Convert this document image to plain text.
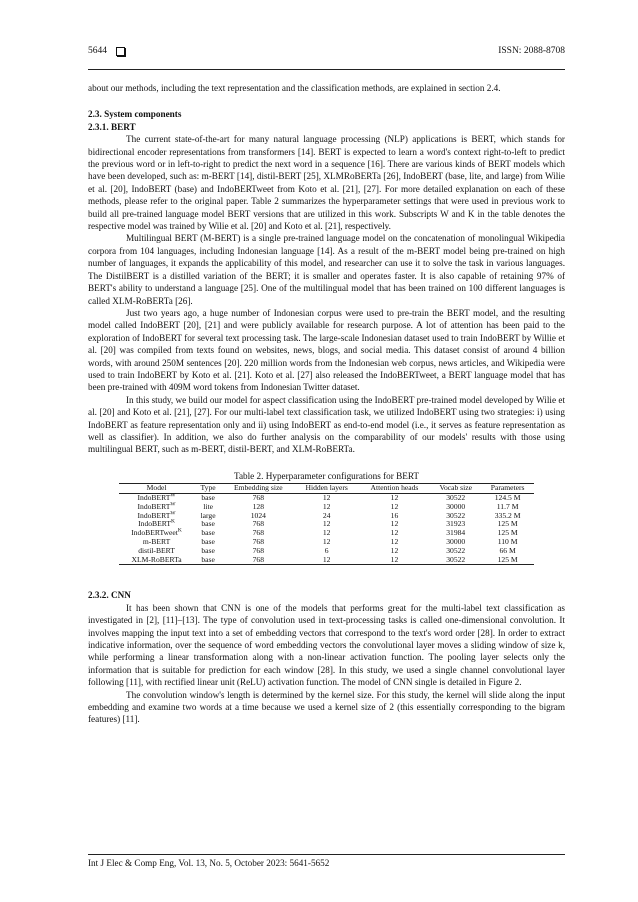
5644	ISSN: 2088-8708

about our methods, including the text representation and the classification methods, are explained in section 2.4.

2.3. System components

2.3.1. BERT

The current state-of-the-art for many natural language processing (NLP) applications is BERT, which stands for bidirectional encoder representations from transformers [14]. BERT is expected to learn a word's context right-to-left to predict the previous word or in left-to-right to predict the next word in a sequence [16]. There are various kinds of BERT models which have been developed, such as: m-BERT [14], distil-BERT [25], XLMRoBERTa [26], IndoBERT (base, lite, and large) from Wilie et al. [20], IndoBERT (base) and IndoBERTweet from Koto et al. [21], [27]. For more detailed explanation on each of these methods, please refer to the original paper. Table 2 summarizes the hyperparameter settings that were used in previous work to build all pre-trained language model BERT versions that are utilized in this work. Subscripts W and K in the table denotes the respective model was trained by Wilie et al. [20] and Koto et al. [21], respectively.

Multilingual BERT (M-BERT) is a single pre-trained language model on the concatenation of monolingual Wikipedia corpora from 104 languages, including Indonesian language [14]. As a result of the m-BERT model being pre-trained on high number of languages, it expands the applicability of this model, and researcher can use it to solve the task in various languages. The DistilBERT is a distilled variation of the BERT; it is smaller and operates faster. It is also capable of retaining 97% of BERT's ability to understand a language [25]. One of the multilingual model that has been trained on 100 different languages is called XLM-RoBERTa [26].

Just two years ago, a huge number of Indonesian corpus were used to pre-train the BERT model, and the resulting model called IndoBERT [20], [21] and were publicly available for research purpose. A lot of attention has been paid to the exploration of IndoBERT for several text processing task. The large-scale Indonesian dataset used to train IndoBERT by Willie et al. [20] was compiled from texts found on websites, news, blogs, and social media. This dataset consist of around 4 billion words, with around 250M sentences [20]. 220 million words from the Indonesian web corpus, news articles, and Wikipedia were used to train IndoBERT by Koto et al. [21]. Koto et al. [27] also released the IndoBERTweet, a BERT language model that has been pre-trained with 409M word tokens from Indonesian Twitter dataset.

In this study, we build our model for aspect classification using the IndoBERT pre-trained model developed by Wilie et al. [20] and Koto et al. [21], [27]. For our multi-label text classification task, we utilized IndoBERT using two strategies: i) using IndoBERT as feature representation only and ii) using IndoBERT as end-to-end model (i.e., it serves as feature representation as well as classifier). In addition, we also do further analysis on the comparability of our models' results with those using multilingual BERT, such as m-BERT, distil-BERT, and XLM-RoBERTa.

Table 2. Hyperparameter configurations for BERT
Model	Type	Embedding size	Hidden layers	Attention heads	Vocab size	Parameters
IndoBERT$^W$	base	768	12	12	30522	124.5 M
IndoBERT$^W$	lite	128	12	12	30000	11.7 M
IndoBERT$^W$	large	1024	24	16	30522	335.2 M
IndoBERT$^K$	base	768	12	12	31923	125 M
IndoBERTweet$^K$	base	768	12	12	31984	125 M
m-BERT	base	768	12	12	30000	110 M
distil-BERT	base	768	6	12	30522	66 M
XLM-RoBERTa	base	768	12	12	30522	125 M

2.3.2. CNN

It has been shown that CNN is one of the models that performs great for the multi-label text classification as investigated in [2], [11]–[13]. The type of convolution used in text-processing tasks is called one-dimensional convolution. It involves mapping the input text into a set of embedding vectors that correspond to the text's word order [28]. In order to extract indicative information, over the sequence of word embedding vectors the convolutional layer moves a sliding window of size k, while performing a linear transformation along with a non-linear activation function. The pooling layer selects only the information that is suitable for prediction for each window [28]. In this study, we used a single channel convolutional layer following [11], with rectified linear unit (ReLU) activation function. The model of CNN single is detailed in Figure 2.

The convolution window's length is determined by the kernel size. For this study, the kernel will slide along the input embedding and examine two words at a time because we used a kernel size of 2 (this essentially corresponding to the bigram features) [11].

Int J Elec & Comp Eng, Vol. 13, No. 5, October 2023: 5641-5652
